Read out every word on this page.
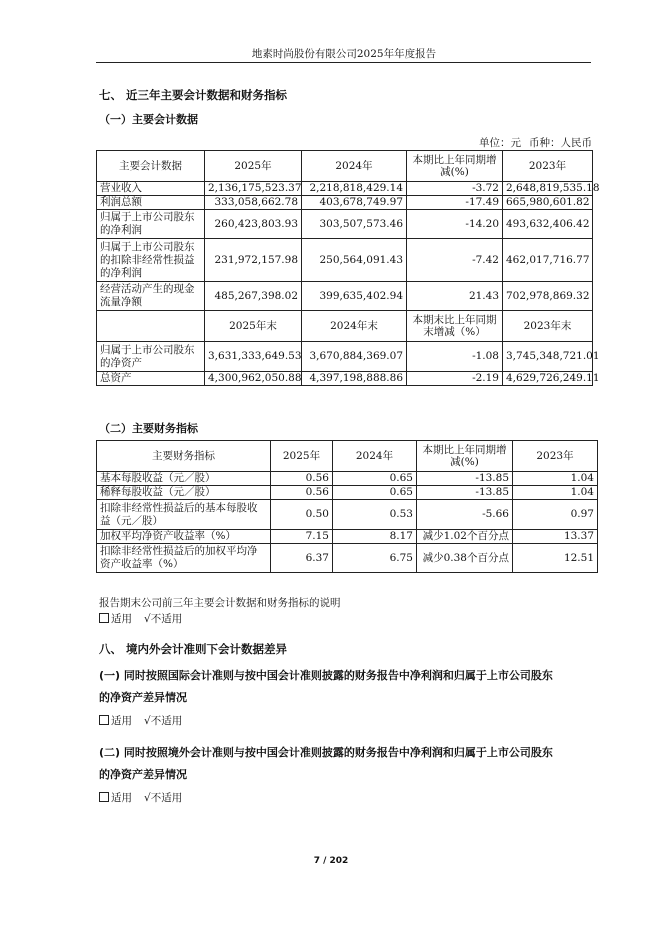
地素时尚股份有限公司2025年年度报告
七、 近三年主要会计数据和财务指标
（一）主要会计数据
单位：元 币种：人民币
主要会计数据	2025年	2024年	本期比上年同期增减(%)	2023年
营业收入	2,136,175,523.37	2,218,818,429.14	-3.72	2,648,819,535.18
利润总额	333,058,662.78	403,678,749.97	-17.49	665,980,601.82
归属于上市公司股东的净利润	260,423,803.93	303,507,573.46	-14.20	493,632,406.42
归属于上市公司股东的扣除非经常性损益的净利润	231,972,157.98	250,564,091.43	-7.42	462,017,716.77
经营活动产生的现金流量净额	485,267,398.02	399,635,402.94	21.43	702,978,869.32
	2025年末	2024年末	本期末比上年同期末增减（%）	2023年末
归属于上市公司股东的净资产	3,631,333,649.53	3,670,884,369.07	-1.08	3,745,348,721.01
总资产	4,300,962,050.88	4,397,198,888.86	-2.19	4,629,726,249.11
（二）主要财务指标
主要财务指标	2025年	2024年	本期比上年同期增减(%)	2023年
基本每股收益（元／股）	0.56	0.65	-13.85	1.04
稀释每股收益（元／股）	0.56	0.65	-13.85	1.04
扣除非经常性损益后的基本每股收益（元／股）	0.50	0.53	-5.66	0.97
加权平均净资产收益率（%）	7.15	8.17	减少1.02个百分点	13.37
扣除非经常性损益后的加权平均净资产收益率（%）	6.37	6.75	减少0.38个百分点	12.51
报告期末公司前三年主要会计数据和财务指标的说明
适用 √不适用
八、 境内外会计准则下会计数据差异
(一) 同时按照国际会计准则与按中国会计准则披露的财务报告中净利润和归属于上市公司股东
的净资产差异情况
适用 √不适用
(二) 同时按照境外会计准则与按中国会计准则披露的财务报告中净利润和归属于上市公司股东
的净资产差异情况
适用 √不适用
7 / 202
